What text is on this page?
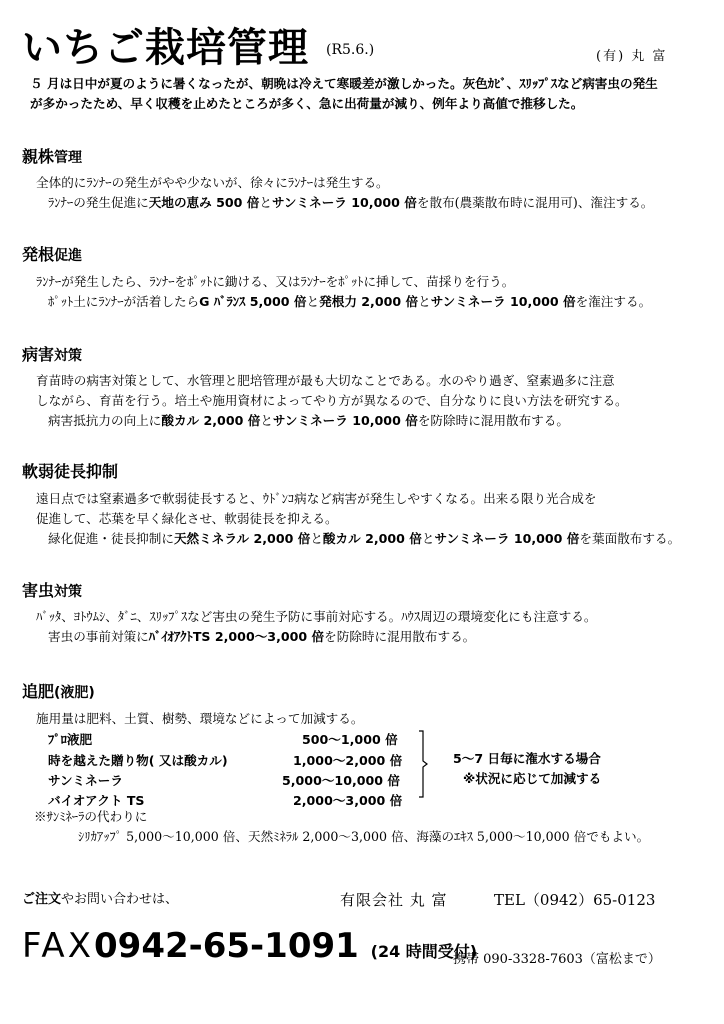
いちご栽培管理 (R5.6.)	(有) 丸 富
５ 月は日中が夏のように暑くなったが、朝晩は冷えて寒暖差が激しかった。灰色ｶﾋﾞ、ｽﾘｯﾌﾟｽなど病害虫の発生
が多かったため、早く収穫を止めたところが多く、急に出荷量が減り、例年より高値で推移した。
親株管理
全体的にﾗﾝﾅｰの発生がやや少ないが、徐々にﾗﾝﾅｰは発生する。
ﾗﾝﾅｰの発生促進に天地の恵み 500 倍とサンミネーラ 10,000 倍を散布(農薬散布時に混用可)、潅注する。
発根促進
ﾗﾝﾅｰが発生したら、ﾗﾝﾅｰをﾎﾟｯﾄに鋤ける、又はﾗﾝﾅｰをﾎﾟｯﾄに挿して、苗採りを行う。
ﾎﾟｯﾄ土にﾗﾝﾅｰが活着したらG ﾊﾞﾗﾝｽ 5,000 倍と発根力 2,000 倍とサンミネーラ 10,000 倍を潅注する。
病害対策
育苗時の病害対策として、水管理と肥培管理が最も大切なことである。水のやり過ぎ、窒素過多に注意
しながら、育苗を行う。培土や施用資材によってやり方が異なるので、自分なりに良い方法を研究する。
病害抵抗力の向上に酸カル 2,000 倍とサンミネーラ 10,000 倍を防除時に混用散布する。
軟弱徒長抑制
遠日点では窒素過多で軟弱徒長すると、ｳﾄﾞﾝｺ病など病害が発生しやすくなる。出来る限り光合成を
促進して、芯葉を早く緑化させ、軟弱徒長を抑える。
緑化促進・徒長抑制に天然ミネラル 2,000 倍と酸カル 2,000 倍とサンミネーラ 10,000 倍を葉面散布する。
害虫対策
ﾊﾞｯﾀ、ﾖﾄｳﾑｼ、ﾀﾞﾆ、ｽﾘｯﾌﾟｽなど害虫の発生予防に事前対応する。ﾊｳｽ周辺の環境変化にも注意する。
害虫の事前対策にﾊﾞｲｵｱｸﾄTS 2,000～3,000 倍を防除時に混用散布する。
追肥(液肥)
施用量は肥料、土質、樹勢、環境などによって加減する。
ﾌﾟﾛ液肥	500～1,000 倍
時を越えた贈り物( 又は酸カル)	1,000～2,000 倍
サンミネーラ	5,000～10,000 倍
バイオアクト TS	2,000～3,000 倍
5～7 日毎に潅水する場合
※状況に応じて加減する
※ｻﾝﾐﾈｰﾗの代わりに
ｼﾘｶｱｯﾌﾟ 5,000～10,000 倍、天然ﾐﾈﾗﾙ 2,000～3,000 倍、海藻のｴｷｽ 5,000～10,000 倍でもよい。
ご注文やお問い合わせは、	有限会社 丸 富	TEL（0942）65-0123
FAX0942-65-1091 (24 時間受付)
携帯 090-3328-7603（富松まで）
